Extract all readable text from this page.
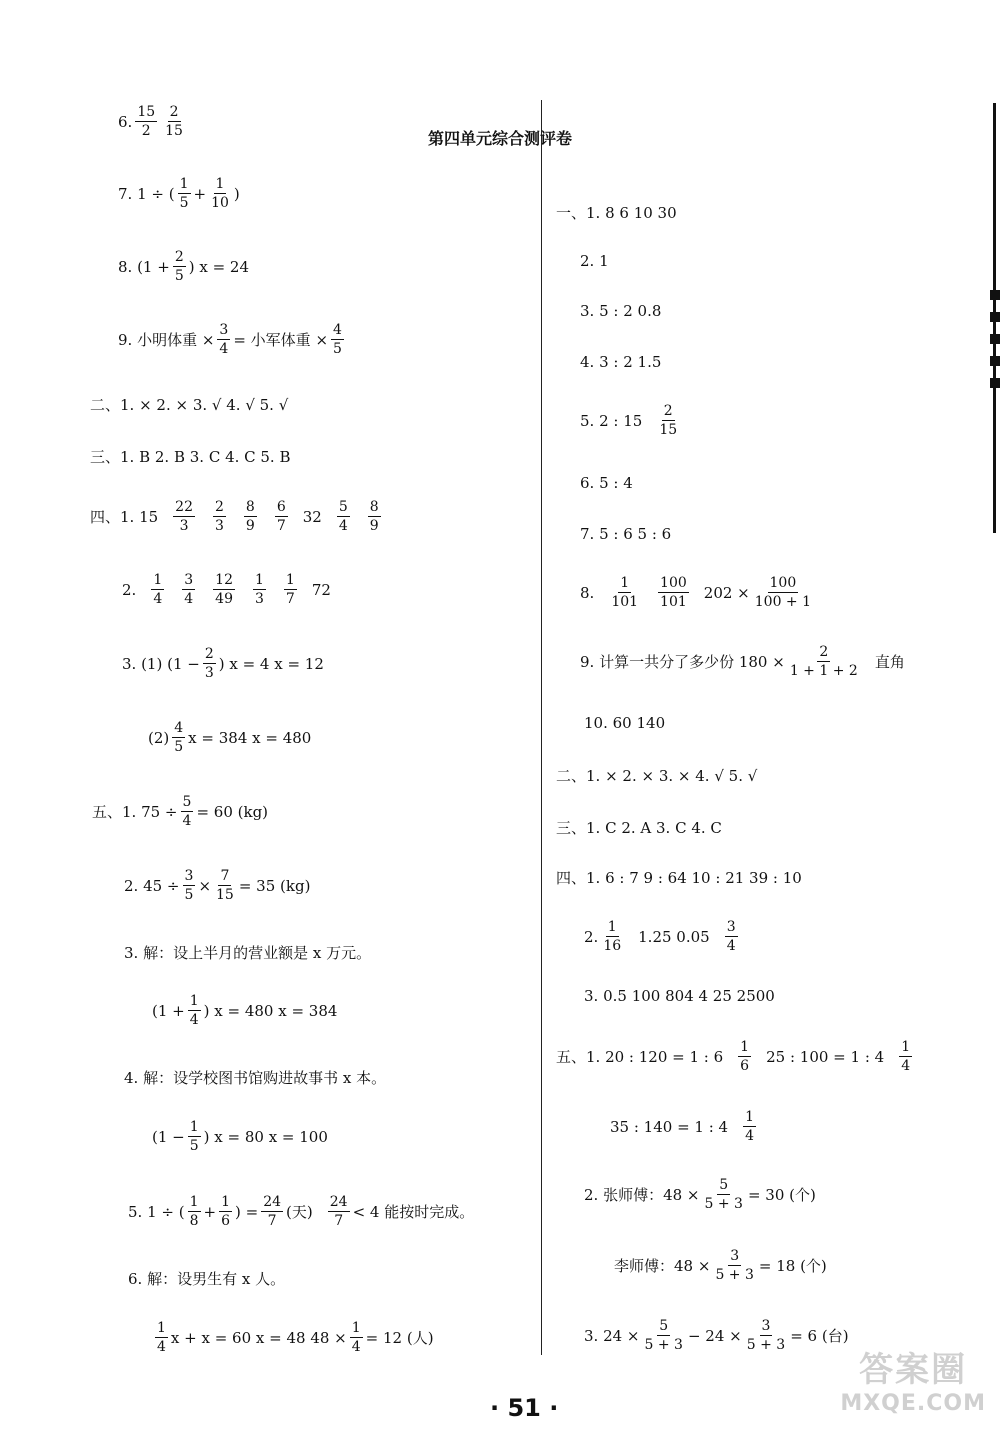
第四单元综合测评卷
6. $\frac{15}{2} \frac{2}{15}$
7. 1 ÷ ( $\frac{1}{5} + \frac{1}{10}$ )
8. ($1 + \frac{2}{5}$ ) x = 24
9. 小明体重 × $\frac{3}{4}$ = 小军体重 × $\frac{4}{5}$
二、1. × 2. × 3. √ 4. √ 5. √
三、1. B 2. B 3. C 4. C 5. B
四、1. $15 \frac{22}{3} \frac{2}{3} \frac{8}{9} \frac{6}{7} 32 \frac{5}{4} \frac{8}{9}$
2. $\frac{1}{4} \frac{3}{4} \frac{12}{49} \frac{1}{3} \frac{1}{7} 72$
3. (1) ($1 - \frac{2}{3}$ ) x = 4 x = 12
$(2) \frac{4}{5}$ x = 384 x = 480
五、1. $75 \div \frac{5}{4} = 60$ (kg)
2. $45 \div \frac{3}{5} \times \frac{7}{15} = 35$ (kg)
3. 解：设上半月的营业额是 x 万元。
($1 + \frac{1}{4}$ ) x = 480 x = 384
4. 解：设学校图书馆购进故事书 x 本。
($1 - \frac{1}{5}$ ) x = 80 x = 100
5. 1 ÷ ( $\frac{1}{8} + \frac{1}{6}$ ) = $\frac{24}{7}$ (天) $\frac{24}{7} < 4$ 能按时完成。
6. 解：设男生有 x 人。
$\frac{1}{4}$ x + x = 60 x = 48 $48 \times \frac{1}{4} = 12$ (人)
一、1. 8 6 10 30
2. 1
3. 5 : 2 0.8
4. 3 : 2 1.5
5. 2 : $15 \frac{2}{15}$
6. 5 : 4
7. 5 : 6 5 : 6
8. $\frac{1}{101} \frac{100}{101} 202 \times \frac{100}{100 + 1}$
9. 计算一共分了多少份 $180 \times \frac{2}{1 + 1 + 2}$ 直角
10. 60 140
二、1. × 2. × 3. × 4. √ 5. √
三、1. C 2. A 3. C 4. C
四、1. 6 : 7 9 : 64 10 : 21 39 : 10
2. $\frac{1}{16} 1.25$ $0.05 \frac{3}{4}$
3. 0.5 100 804 4 25 2500
五、1. 20 : 120 = 1 : $6 \frac{1}{6} 25$ : 100 = 1 : $4 \frac{1}{4}$
35 : 140 = 1 : $4 \frac{1}{4}$
2. 张师傅：$48 \times \frac{5}{5 + 3} = 30$ (个)
李师傅：$48 \times \frac{3}{5 + 3} = 18$ (个)
3. $24 \times \frac{5}{5 + 3} - 24 \times \frac{3}{5 + 3} = 6$ (台)
· 51 ·
答案圈
MXQE.COM
